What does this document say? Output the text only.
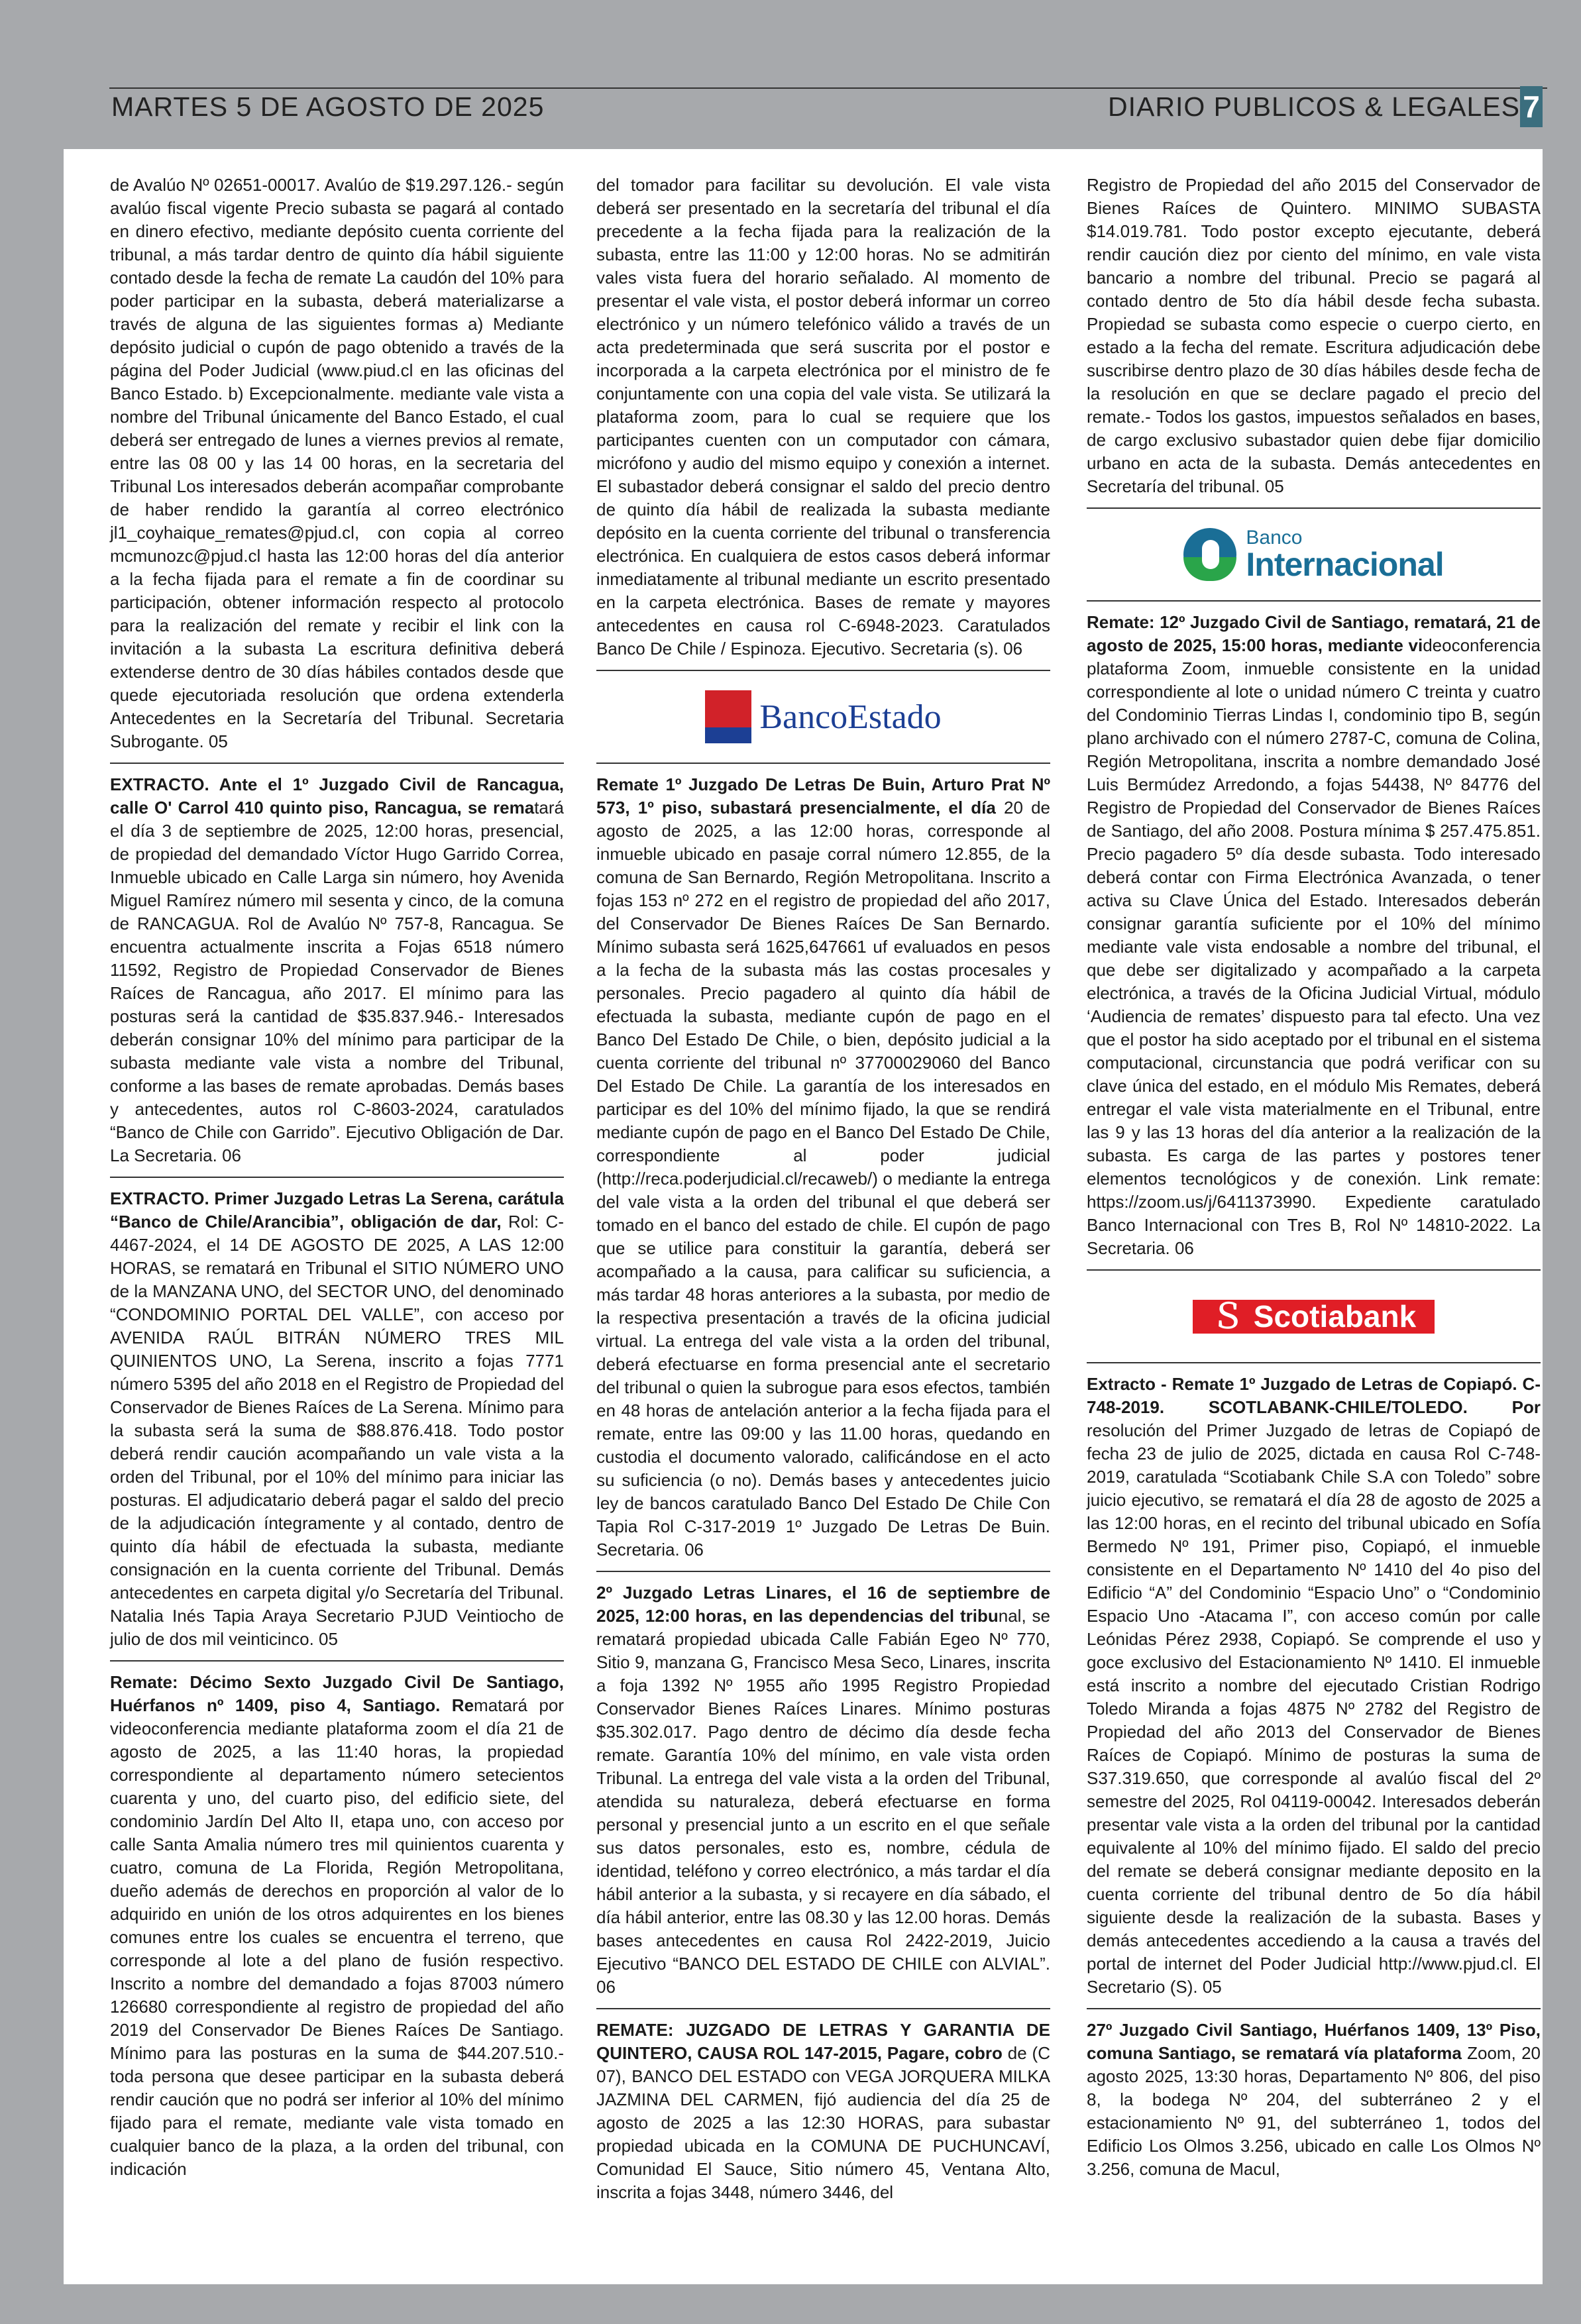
MARTES 5 DE AGOSTO DE 2025	DIARIO PUBLICOS & LEGALES 7

de Avalúo Nº 02651-00017. Avalúo de $19.297.126.- según avalúo fiscal vigente Precio subasta se pagará al contado en dinero efectivo, mediante depósito cuenta corriente del tribunal, a más tardar dentro de quinto día hábil siguiente contado desde la fecha de remate La caudón del 10% para poder participar en la subasta, deberá materializarse a través de alguna de las siguientes formas a) Mediante depósito judicial o cupón de pago obtenido a través de la página del Poder Judicial (www.piud.cl en las oficinas del Banco Estado. b) Excepcionalmente. mediante vale vista a nombre del Tribunal únicamente del Banco Estado, el cual deberá ser entregado de lunes a viernes previos al remate, entre las 08 00 y las 14 00 horas, en la secretaria del Tribunal Los interesados deberán acompañar comprobante de haber rendido la garantía al correo electrónico jl1_coyhaique_remates@pjud.cl, con copia al correo mcmunozc@pjud.cl hasta las 12:00 horas del día anterior a la fecha fijada para el remate a fin de coordinar su participación, obtener información respecto al protocolo para la realización del remate y recibir el link con la invitación a la subasta La escritura definitiva deberá extenderse dentro de 30 días hábiles contados desde que quede ejecutoriada resolución que ordena extenderla Antecedentes en la Secretaría del Tribunal. Secretaria Subrogante. 05

EXTRACTO. Ante el 1º Juzgado Civil de Rancagua, calle O' Carrol 410 quinto piso, Rancagua, se rematará el día 3 de septiembre de 2025, 12:00 horas, presencial, de propiedad del demandado Víctor Hugo Garrido Correa, Inmueble ubicado en Calle Larga sin número, hoy Avenida Miguel Ramírez número mil sesenta y cinco, de la comuna de RANCAGUA. Rol de Avalúo Nº 757-8, Rancagua. Se encuentra actualmente inscrita a Fojas 6518 número 11592, Registro de Propiedad Conservador de Bienes Raíces de Rancagua, año 2017. El mínimo para las posturas será la cantidad de $35.837.946.- Interesados deberán consignar 10% del mínimo para participar de la subasta mediante vale vista a nombre del Tribunal, conforme a las bases de remate aprobadas. Demás bases y antecedentes, autos rol C-8603-2024, caratulados “Banco de Chile con Garrido”. Ejecutivo Obligación de Dar. La Secretaria. 06

EXTRACTO. Primer Juzgado Letras La Serena, carátula “Banco de Chile/Arancibia”, obligación de dar, Rol: C-4467-2024, el 14 DE AGOSTO DE 2025, A LAS 12:00 HORAS, se rematará en Tribunal el SITIO NÚMERO UNO de la MANZANA UNO, del SECTOR UNO, del denominado “CONDOMINIO PORTAL DEL VALLE”, con acceso por AVENIDA RAÚL BITRÁN NÚMERO TRES MIL QUINIENTOS UNO, La Serena, inscrito a fojas 7771 número 5395 del año 2018 en el Registro de Propiedad del Conservador de Bienes Raíces de La Serena. Mínimo para la subasta será la suma de $88.876.418. Todo postor deberá rendir caución acompañando un vale vista a la orden del Tribunal, por el 10% del mínimo para iniciar las posturas. El adjudicatario deberá pagar el saldo del precio de la adjudicación íntegramente y al contado, dentro de quinto día hábil de efectuada la subasta, mediante consignación en la cuenta corriente del Tribunal. Demás antecedentes en carpeta digital y/o Secretaría del Tribunal. Natalia Inés Tapia Araya Secretario PJUD Veintiocho de julio de dos mil veinticinco. 05

Remate: Décimo Sexto Juzgado Civil De Santiago, Huérfanos nº 1409, piso 4, Santiago. Rematará por videoconferencia mediante plataforma zoom el día 21 de agosto de 2025, a las 11:40 horas, la propiedad correspondiente al departamento número setecientos cuarenta y uno, del cuarto piso, del edificio siete, del condominio Jardín Del Alto II, etapa uno, con acceso por calle Santa Amalia número tres mil quinientos cuarenta y cuatro, comuna de La Florida, Región Metropolitana, dueño además de derechos en proporción al valor de lo adquirido en unión de los otros adquirentes en los bienes comunes entre los cuales se encuentra el terreno, que corresponde al lote a del plano de fusión respectivo. Inscrito a nombre del demandado a fojas 87003 número 126680 correspondiente al registro de propiedad del año 2019 del Conservador De Bienes Raíces De Santiago. Mínimo para las posturas en la suma de $44.207.510.- toda persona que desee participar en la subasta deberá rendir caución que no podrá ser inferior al 10% del mínimo fijado para el remate, mediante vale vista tomado en cualquier banco de la plaza, a la orden del tribunal, con indicación

del tomador para facilitar su devolución. El vale vista deberá ser presentado en la secretaría del tribunal el día precedente a la fecha fijada para la realización de la subasta, entre las 11:00 y 12:00 horas. No se admitirán vales vista fuera del horario señalado. Al momento de presentar el vale vista, el postor deberá informar un correo electrónico y un número telefónico válido a través de un acta predeterminada que será suscrita por el postor e incorporada a la carpeta electrónica por el ministro de fe conjuntamente con una copia del vale vista. Se utilizará la plataforma zoom, para lo cual se requiere que los participantes cuenten con un computador con cámara, micrófono y audio del mismo equipo y conexión a internet. El subastador deberá consignar el saldo del precio dentro de quinto día hábil de realizada la subasta mediante depósito en la cuenta corriente del tribunal o transferencia electrónica. En cualquiera de estos casos deberá informar inmediatamente al tribunal mediante un escrito presentado en la carpeta electrónica. Bases de remate y mayores antecedentes en causa rol C-6948-2023. Caratulados Banco De Chile / Espinoza. Ejecutivo. Secretaria (s). 06

BancoEstado

Remate 1º Juzgado De Letras De Buin, Arturo Prat Nº 573, 1º piso, subastará presencialmente, el día 20 de agosto de 2025, a las 12:00 horas, corresponde al inmueble ubicado en pasaje corral número 12.855, de la comuna de San Bernardo, Región Metropolitana. Inscrito a fojas 153 nº 272 en el registro de propiedad del año 2017, del Conservador De Bienes Raíces De San Bernardo. Mínimo subasta será 1625,647661 uf evaluados en pesos a la fecha de la subasta más las costas procesales y personales. Precio pagadero al quinto día hábil de efectuada la subasta, mediante cupón de pago en el Banco Del Estado De Chile, o bien, depósito judicial a la cuenta corriente del tribunal nº 37700029060 del Banco Del Estado De Chile. La garantía de los interesados en participar es del 10% del mínimo fijado, la que se rendirá mediante cupón de pago en el Banco Del Estado De Chile, correspondiente al poder judicial (http://reca.poderjudicial.cl/recaweb/) o mediante la entrega del vale vista a la orden del tribunal el que deberá ser tomado en el banco del estado de chile. El cupón de pago que se utilice para constituir la garantía, deberá ser acompañado a la causa, para calificar su suficiencia, a más tardar 48 horas anteriores a la subasta, por medio de la respectiva presentación a través de la oficina judicial virtual. La entrega del vale vista a la orden del tribunal, deberá efectuarse en forma presencial ante el secretario del tribunal o quien la subrogue para esos efectos, también en 48 horas de antelación anterior a la fecha fijada para el remate, entre las 09:00 y las 11.00 horas, quedando en custodia el documento valorado, calificándose en el acto su suficiencia (o no). Demás bases y antecedentes juicio ley de bancos caratulado Banco Del Estado De Chile Con Tapia Rol C-317-2019 1º Juzgado De Letras De Buin. Secretaria. 06

2º Juzgado Letras Linares, el 16 de septiembre de 2025, 12:00 horas, en las dependencias del tribunal, se rematará propiedad ubicada Calle Fabián Egeo Nº 770, Sitio 9, manzana G, Francisco Mesa Seco, Linares, inscrita a foja 1392 Nº 1955 año 1995 Registro Propiedad Conservador Bienes Raíces Linares. Mínimo posturas $35.302.017. Pago dentro de décimo día desde fecha remate. Garantía 10% del mínimo, en vale vista orden Tribunal. La entrega del vale vista a la orden del Tribunal, atendida su naturaleza, deberá efectuarse en forma personal y presencial junto a un escrito en el que señale sus datos personales, esto es, nombre, cédula de identidad, teléfono y correo electrónico, a más tardar el día hábil anterior a la subasta, y si recayere en día sábado, el día hábil anterior, entre las 08.30 y las 12.00 horas. Demás bases antecedentes en causa Rol 2422-2019, Juicio Ejecutivo “BANCO DEL ESTADO DE CHILE con ALVIAL”. 06

REMATE: JUZGADO DE LETRAS Y GARANTIA DE QUINTERO, CAUSA ROL 147-2015, Pagare, cobro de (C 07), BANCO DEL ESTADO con VEGA JORQUERA MILKA JAZMINA DEL CARMEN, fijó audiencia del día 25 de agosto de 2025 a las 12:30 HORAS, para subastar propiedad ubicada en la COMUNA DE PUCHUNCAVÍ, Comunidad El Sauce, Sitio número 45, Ventana Alto, inscrita a fojas 3448, número 3446, del

Registro de Propiedad del año 2015 del Conservador de Bienes Raíces de Quintero. MINIMO SUBASTA $14.019.781. Todo postor excepto ejecutante, deberá rendir caución diez por ciento del mínimo, en vale vista bancario a nombre del tribunal. Precio se pagará al contado dentro de 5to día hábil desde fecha subasta. Propiedad se subasta como especie o cuerpo cierto, en estado a la fecha del remate. Escritura adjudicación debe suscribirse dentro plazo de 30 días hábiles desde fecha de la resolución en que se declare pagado el precio del remate.- Todos los gastos, impuestos señalados en bases, de cargo exclusivo subastador quien debe fijar domicilio urbano en acta de la subasta. Demás antecedentes en Secretaría del tribunal. 05

Banco
Internacional

Remate: 12º Juzgado Civil de Santiago, rematará, 21 de agosto de 2025, 15:00 horas, mediante videoconferencia plataforma Zoom, inmueble consistente en la unidad correspondiente al lote o unidad número C treinta y cuatro del Condominio Tierras Lindas I, condominio tipo B, según plano archivado con el número 2787-C, comuna de Colina, Región Metropolitana, inscrita a nombre demandado José Luis Bermúdez Arredondo, a fojas 54438, Nº 84776 del Registro de Propiedad del Conservador de Bienes Raíces de Santiago, del año 2008. Postura mínima $ 257.475.851. Precio pagadero 5º día desde subasta. Todo interesado deberá contar con Firma Electrónica Avanzada, o tener activa su Clave Única del Estado. Interesados deberán consignar garantía suficiente por el 10% del mínimo mediante vale vista endosable a nombre del tribunal, el que debe ser digitalizado y acompañado a la carpeta electrónica, a través de la Oficina Judicial Virtual, módulo ‘Audiencia de remates’ dispuesto para tal efecto. Una vez que el postor ha sido aceptado por el tribunal en el sistema computacional, circunstancia que podrá verificar con su clave única del estado, en el módulo Mis Remates, deberá entregar el vale vista materialmente en el Tribunal, entre las 9 y las 13 horas del día anterior a la realización de la subasta. Es carga de las partes y postores tener elementos tecnológicos y de conexión. Link remate: https://zoom.us/j/6411373990. Expediente caratulado Banco Internacional con Tres B, Rol Nº 14810-2022. La Secretaria. 06

Ｓ Scotiabank

Extracto - Remate 1º Juzgado de Letras de Copiapó. C-748-2019. SCOTLABANK-CHILE/TOLEDO. Por resolución del Primer Juzgado de letras de Copiapó de fecha 23 de julio de 2025, dictada en causa Rol C-748-2019, caratulada “Scotiabank Chile S.A con Toledo” sobre juicio ejecutivo, se rematará el día 28 de agosto de 2025 a las 12:00 horas, en el recinto del tribunal ubicado en Sofía Bermedo Nº 191, Primer piso, Copiapó, el inmueble consistente en el Departamento Nº 1410 del 4o piso del Edificio “A” del Condominio “Espacio Uno” o “Condominio Espacio Uno -Atacama I”, con acceso común por calle Leónidas Pérez 2938, Copiapó. Se comprende el uso y goce exclusivo del Estacionamiento Nº 1410. El inmueble está inscrito a nombre del ejecutado Cristian Rodrigo Toledo Miranda a fojas 4875 Nº 2782 del Registro de Propiedad del año 2013 del Conservador de Bienes Raíces de Copiapó. Mínimo de posturas la suma de S37.319.650, que corresponde al avalúo fiscal del 2º semestre del 2025, Rol 04119-00042. Interesados deberán presentar vale vista a la orden del tribunal por la cantidad equivalente al 10% del mínimo fijado. El saldo del precio del remate se deberá consignar mediante deposito en la cuenta corriente del tribunal dentro de 5o día hábil siguiente desde la realización de la subasta. Bases y demás antecedentes accediendo a la causa a través del portal de internet del Poder Judicial http://www.pjud.cl. El Secretario (S). 05

27º Juzgado Civil Santiago, Huérfanos 1409, 13º Piso, comuna Santiago, se rematará vía plataforma Zoom, 20 agosto 2025, 13:30 horas, Departamento Nº 806, del piso 8, la bodega Nº 204, del subterráneo 2 y el estacionamiento Nº 91, del subterráneo 1, todos del Edificio Los Olmos 3.256, ubicado en calle Los Olmos Nº 3.256, comuna de Macul,
